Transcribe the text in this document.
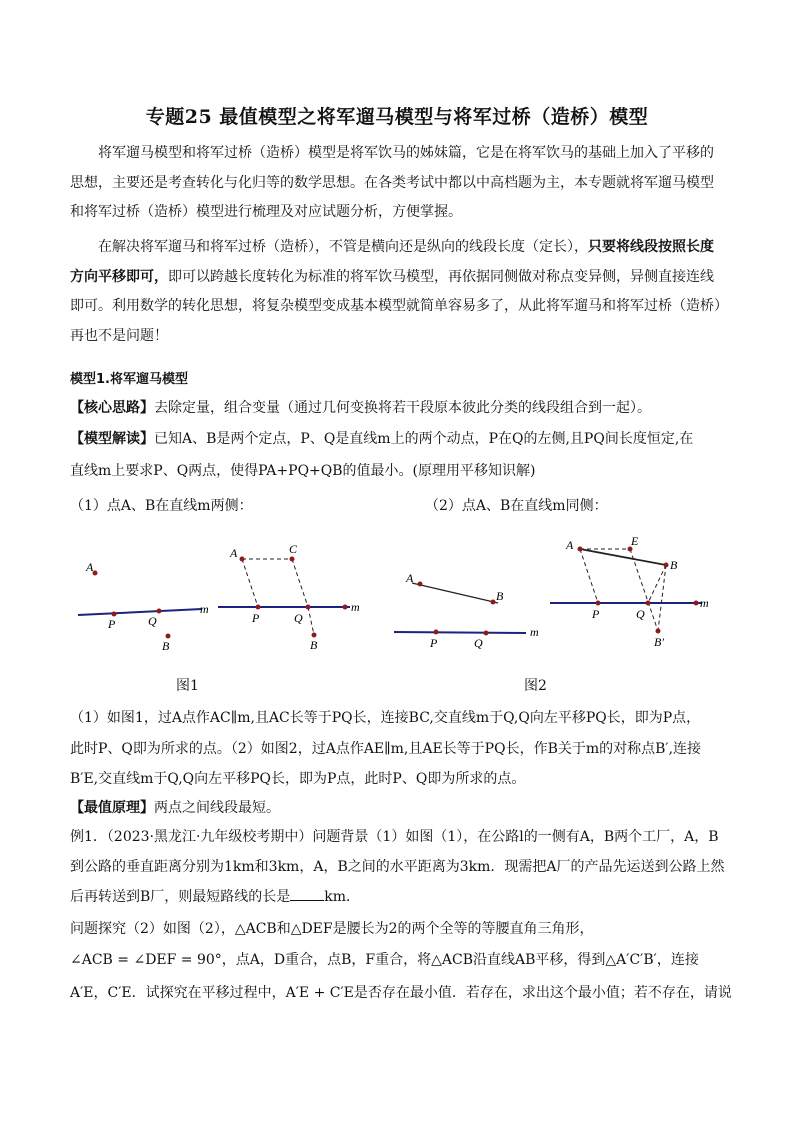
专题25 最值模型之将军遛马模型与将军过桥（造桥）模型
将军遛马模型和将军过桥（造桥）模型是将军饮马的姊妹篇，它是在将军饮马的基础上加入了平移的思想，主要还是考查转化与化归等的数学思想。在各类考试中都以中高档题为主，本专题就将军遛马模型和将军过桥（造桥）模型进行梳理及对应试题分析，方便掌握。
在解决将军遛马和将军过桥（造桥），不管是横向还是纵向的线段长度（定长），只要将线段按照长度方向平移即可，即可以跨越长度转化为标准的将军饮马模型，再依据同侧做对称点变异侧，异侧直接连线即可。利用数学的转化思想，将复杂模型变成基本模型就简单容易多了，从此将军遛马和将军过桥（造桥）再也不是问题！
模型1.将军遛马模型
【核心思路】去除定量，组合变量（通过几何变换将若干段原本彼此分类的线段组合到一起）。
【模型解读】已知A、B是两个定点，P、Q是直线m上的两个动点，P在Q的左侧,且PQ间长度恒定,在
直线m上要求P、Q两点，使得PA+PQ+QB的值最小。(原理用平移知识解)
（1）点A、B在直线m两侧：	（2）点A、B在直线m同侧：
A
P	Q
B
m
A	C
P	Q
B
m
A
B
P	Q
m
A	E
B
P	Q
B′
m
图1	图2
（1）如图1，过A点作AC∥m,且AC长等于PQ长，连接BC,交直线m于Q,Q向左平移PQ长，即为P点，
此时P、Q即为所求的点。（2）如图2，过A点作AE∥m,且AE长等于PQ长，作B关于m的对称点B′,连接
B′E,交直线m于Q,Q向左平移PQ长，即为P点，此时P、Q即为所求的点。
【最值原理】两点之间线段最短。
例1．（2023·黑龙江·九年级校考期中）问题背景（1）如图（1），在公路l的一侧有A，B两个工厂，A，B
到公路的垂直距离分别为1km和3km，A，B之间的水平距离为3km．现需把A厂的产品先运送到公路上然
后再转送到B厂，则最短路线的长是 km．
问题探究（2）如图（2），△ACB和△DEF是腰长为2的两个全等的等腰直角三角形，
∠ACB = ∠DEF = 90°，点A，D重合，点B，F重合，将△ACB沿直线AB平移，得到△A′C′B′，连接
A′E，C′E．试探究在平移过程中，A′E + C′E是否存在最小值．若存在，求出这个最小值；若不存在，请说
